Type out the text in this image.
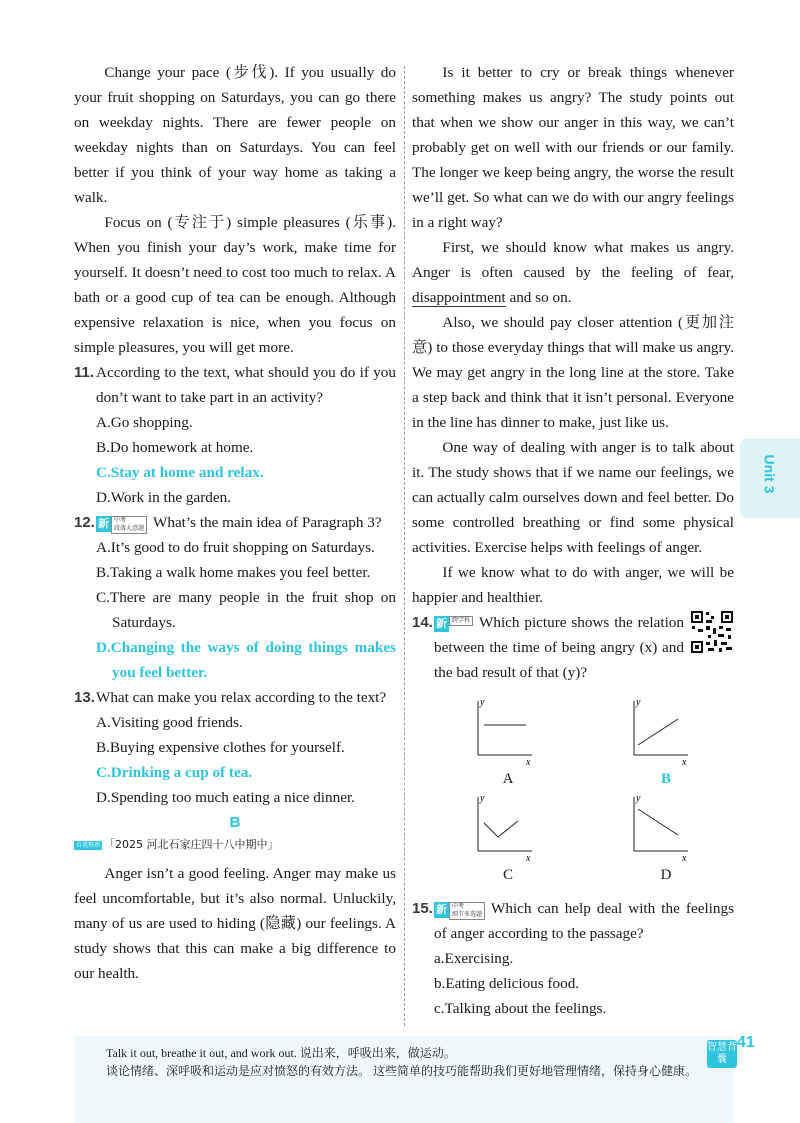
Change your pace (步伐). If you usually do your fruit shopping on Saturdays, you can go there on weekday nights. There are fewer people on weekday nights than on Saturdays. You can feel better if you think of your way home as taking a walk.

Focus on (专注于) simple pleasures (乐事). When you finish your day’s work, make time for yourself. It doesn’t need to cost too much to relax. A bath or a good cup of tea can be enough. Although expensive relaxation is nice, when you focus on simple pleasures, you will get more.

11. According to the text, what should you do if you don’t want to take part in an activity?
A.Go shopping.
B.Do homework at home.
C.Stay at home and relax.
D.Work in the garden.
12. 新 中考
段落大意题 What’s the main idea of Paragraph 3?
A.It’s good to do fruit shopping on Saturdays.
B.Taking a walk home makes you feel better.
C.There are many people in the fruit shop on Saturdays.
D.Changing the ways of doing things makes you feel better.
13. What can make you relax according to the text?
A.Visiting good friends.
B.Buying expensive clothes for yourself.
C.Drinking a cup of tea.
D.Spending too much eating a nice dinner.
B
自我整理 「2025 河北石家庄四十八中期中」

Anger isn’t a good feeling. Anger may make us feel uncomfortable, but it’s also normal. Unluckily, many of us are used to hiding (隐藏) our feelings. A study shows that this can make a big difference to our health.

Is it better to cry or break things whenever something makes us angry? The study points out that when we show our anger in this way, we can’t probably get on well with our friends or our family. The longer we keep being angry, the worse the result we’ll get. So what can we do with our angry feelings in a right way?

First, we should know what makes us angry. Anger is often caused by the feeling of fear, disappointment and so on.

Also, we should pay closer attention (更加注意) to those everyday things that will make us angry. We may get angry in the long line at the store. Take a step back and think that it isn’t personal. Everyone in the line has dinner to make, just like us.

One way of dealing with anger is to talk about it. The study shows that if we name our feelings, we can actually calm ourselves down and feel better. Do some controlled breathing or find some physical activities. Exercise helps with feelings of anger.

If we know what to do with anger, we will be happier and healthier.

14. 新 跨学科 Which picture shows the relation between the time of being angry (x) and the bad result of that (y)?
y
x
y
x
y
x
y
x
A	B
C	D
15. 新 中考
细节多选题 Which can help deal with the feelings of anger according to the passage?
a.Exercising.
b.Eating delicious food.
c.Talking about the feelings.
Unit 3
Talk it out, breathe it out, and work out. 说出来，呼吸出来，做运动。
谈论情绪、深呼吸和运动是应对愤怒的有效方法。 这些简单的技巧能帮助我们更好地管理情绪，保持身心健康。
智慧背囊
41
